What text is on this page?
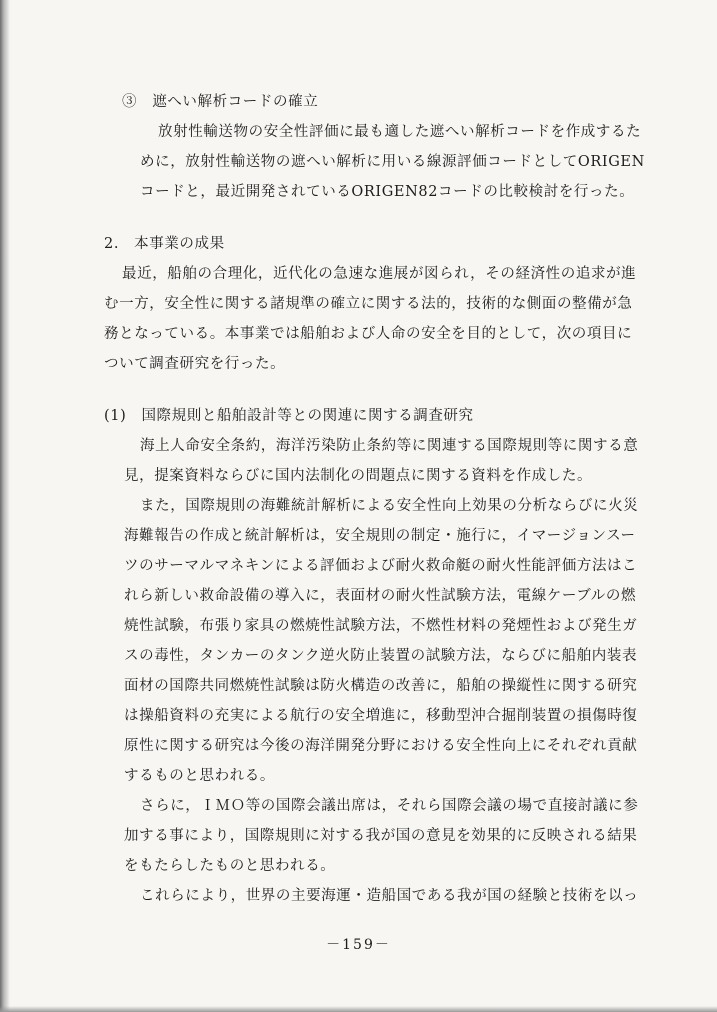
③　遮へい解析コードの確立
放射性輸送物の安全性評価に最も適した遮へい解析コードを作成するた
めに，放射性輸送物の遮へい解析に用いる線源評価コードとしてORIGEN
コードと，最近開発されているORIGEN82コードの比較検討を行った。
2.　本事業の成果
最近，船舶の合理化，近代化の急速な進展が図られ，その経済性の追求が進
む一方，安全性に関する諸規準の確立に関する法的，技術的な側面の整備が急
務となっている。本事業では船舶および人命の安全を目的として，次の項目に
ついて調査研究を行った。
(1)　国際規則と船舶設計等との関連に関する調査研究
海上人命安全条約，海洋汚染防止条約等に関連する国際規則等に関する意
見，提案資料ならびに国内法制化の問題点に関する資料を作成した。
また，国際規則の海難統計解析による安全性向上効果の分析ならびに火災
海難報告の作成と統計解析は，安全規則の制定・施行に，イマージョンスー
ツのサーマルマネキンによる評価および耐火救命艇の耐火性能評価方法はこ
れら新しい救命設備の導入に，表面材の耐火性試験方法，電線ケーブルの燃
焼性試験，布張り家具の燃焼性試験方法，不燃性材料の発煙性および発生ガ
スの毒性，タンカーのタンク逆火防止装置の試験方法，ならびに船舶内装表
面材の国際共同燃焼性試験は防火構造の改善に，船舶の操縦性に関する研究
は操船資料の充実による航行の安全増進に，移動型沖合掘削装置の損傷時復
原性に関する研究は今後の海洋開発分野における安全性向上にそれぞれ貢献
するものと思われる。
さらに，ＩＭＯ等の国際会議出席は，それら国際会議の場で直接討議に参
加する事により，国際規則に対する我が国の意見を効果的に反映される結果
をもたらしたものと思われる。
これらにより，世界の主要海運・造船国である我が国の経験と技術を以っ
－159－
